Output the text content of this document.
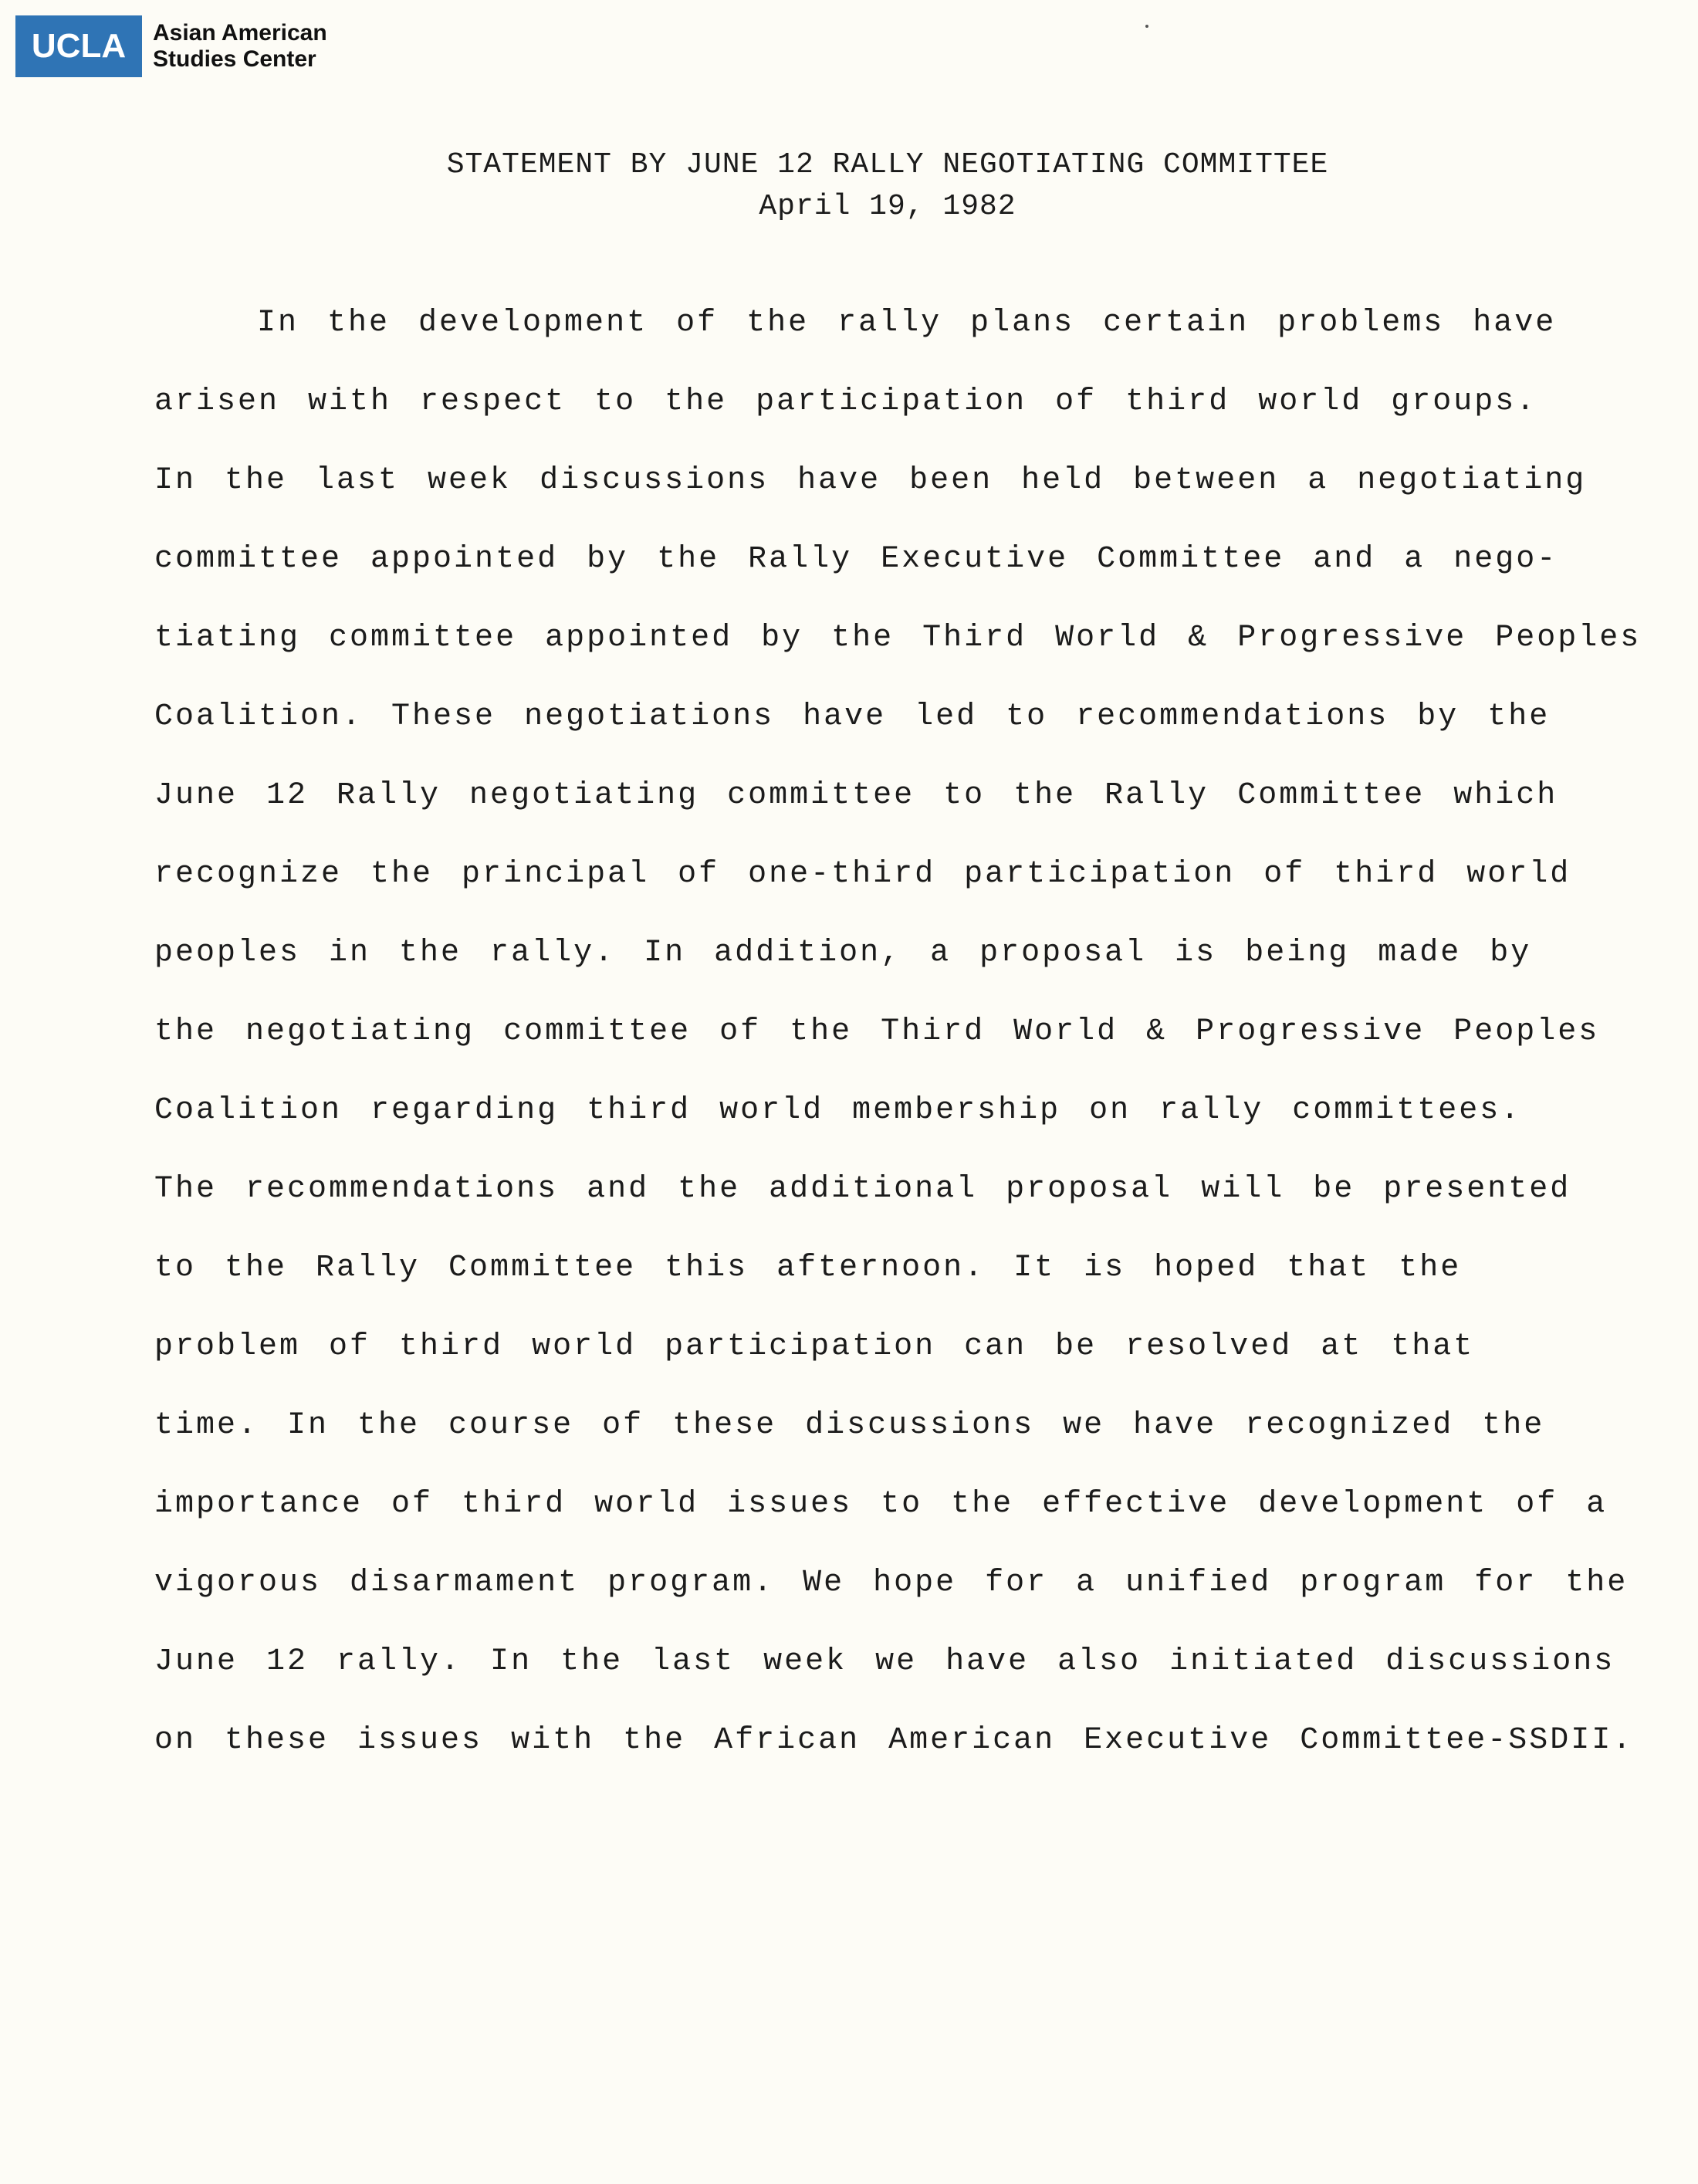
UCLA Asian American
Studies Center
STATEMENT BY JUNE 12 RALLY NEGOTIATING COMMITTEE
April 19, 1982
In the development of the rally plans certain problems have
arisen with respect to the participation of third world groups.
In the last week discussions have been held between a negotiating
committee appointed by the Rally Executive Committee and a nego-
tiating committee appointed by the Third World & Progressive Peoples
Coalition. These negotiations have led to recommendations by the
June 12 Rally negotiating committee to the Rally Committee which
recognize the principal of one-third participation of third world
peoples in the rally. In addition, a proposal is being made by
the negotiating committee of the Third World & Progressive Peoples
Coalition regarding third world membership on rally committees.
The recommendations and the additional proposal will be presented
to the Rally Committee this afternoon. It is hoped that the
problem of third world participation can be resolved at that
time. In the course of these discussions we have recognized the
importance of third world issues to the effective development of a
vigorous disarmament program. We hope for a unified program for the
June 12 rally. In the last week we have also initiated discussions
on these issues with the African American Executive Committee-SSDII.
